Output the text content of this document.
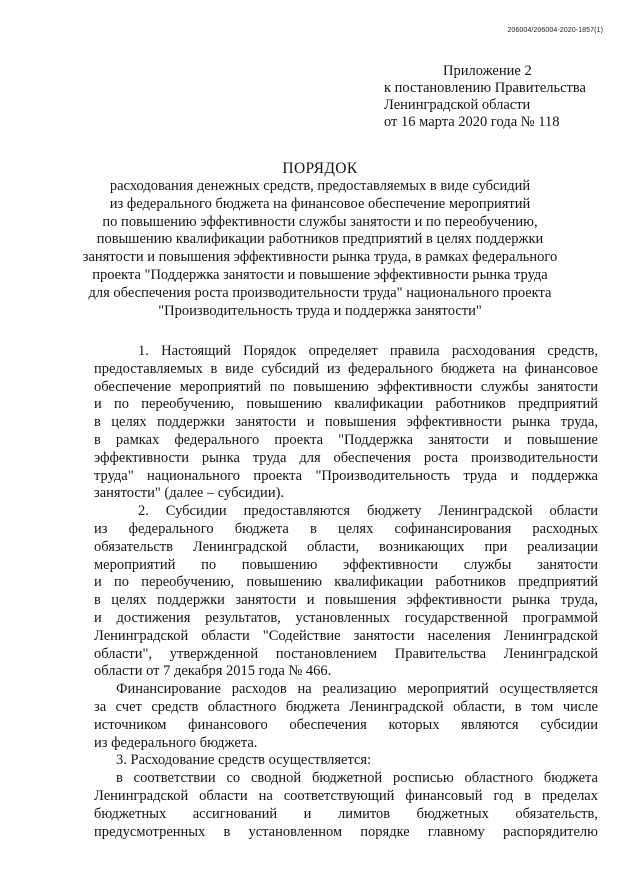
206004/206004-2020-1857(1)
Приложение 2
к постановлению Правительства
Ленинградской области
от 16 марта 2020 года № 118
ПОРЯДОК
расходования денежных средств, предоставляемых в виде субсидий
из федерального бюджета на финансовое обеспечение мероприятий
по повышению эффективности службы занятости и по переобучению,
повышению квалификации работников предприятий в целях поддержки
занятости и повышения эффективности рынка труда, в рамках федерального
проекта "Поддержка занятости и повышение эффективности рынка труда
для обеспечения роста производительности труда" национального проекта
"Производительность труда и поддержка занятости"
1. Настоящий Порядок определяет правила расходования средств,
предоставляемых в виде субсидий из федерального бюджета на финансовое
обеспечение мероприятий по повышению эффективности службы занятости
и по переобучению, повышению квалификации работников предприятий
в целях поддержки занятости и повышения эффективности рынка труда,
в рамках федерального проекта "Поддержка занятости и повышение
эффективности рынка труда для обеспечения роста производительности
труда" национального проекта "Производительность труда и поддержка
занятости" (далее – субсидии).
2. Субсидии предоставляются бюджету Ленинградской области
из федерального бюджета в целях софинансирования расходных
обязательств Ленинградской области, возникающих при реализации
мероприятий по повышению эффективности службы занятости
и по переобучению, повышению квалификации работников предприятий
в целях поддержки занятости и повышения эффективности рынка труда,
и достижения результатов, установленных государственной программой
Ленинградской области "Содействие занятости населения Ленинградской
области", утвержденной постановлением Правительства Ленинградской
области от 7 декабря 2015 года № 466.
Финансирование расходов на реализацию мероприятий осуществляется
за счет средств областного бюджета Ленинградской области, в том числе
источником финансового обеспечения которых являются субсидии
из федерального бюджета.
3. Расходование средств осуществляется:
в соответствии со сводной бюджетной росписью областного бюджета
Ленинградской области на соответствующий финансовый год в пределах
бюджетных ассигнований и лимитов бюджетных обязательств,
предусмотренных в установленном порядке главному распорядителю
